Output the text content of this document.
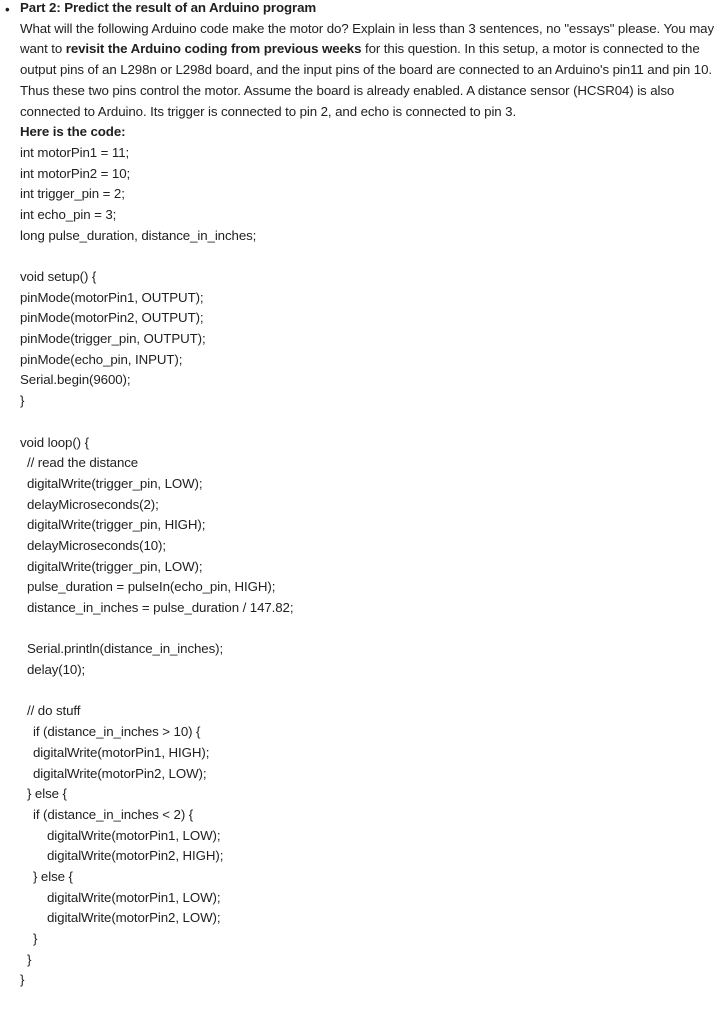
• Part 2: Predict the result of an Arduino program

What will the following Arduino code make the motor do? Explain in less than 3 sentences, no "essays" please. You may want to revisit the Arduino coding from previous weeks for this question. In this setup, a motor is connected to the output pins of an L298n or L298d board, and the input pins of the board are connected to an Arduino's pin11 and pin 10. Thus these two pins control the motor. Assume the board is already enabled. A distance sensor (HCSR04) is also connected to Arduino. Its trigger is connected to pin 2, and echo is connected to pin 3.

Here is the code:
int motorPin1 = 11;
int motorPin2 = 10;
int trigger_pin = 2;
int echo_pin = 3;
long pulse_duration, distance_in_inches;
void setup() {
pinMode(motorPin1, OUTPUT);
pinMode(motorPin2, OUTPUT);
pinMode(trigger_pin, OUTPUT);
pinMode(echo_pin, INPUT);
Serial.begin(9600);
}
void loop() {
// read the distance
digitalWrite(trigger_pin, LOW);
delayMicroseconds(2);
digitalWrite(trigger_pin, HIGH);
delayMicroseconds(10);
digitalWrite(trigger_pin, LOW);
pulse_duration = pulseIn(echo_pin, HIGH);
distance_in_inches = pulse_duration / 147.82;
Serial.println(distance_in_inches);
delay(10);
// do stuff
if (distance_in_inches > 10) {
digitalWrite(motorPin1, HIGH);
digitalWrite(motorPin2, LOW);
} else {
if (distance_in_inches < 2) {
digitalWrite(motorPin1, LOW);
digitalWrite(motorPin2, HIGH);
} else {
digitalWrite(motorPin1, LOW);
digitalWrite(motorPin2, LOW);
}
}
}
